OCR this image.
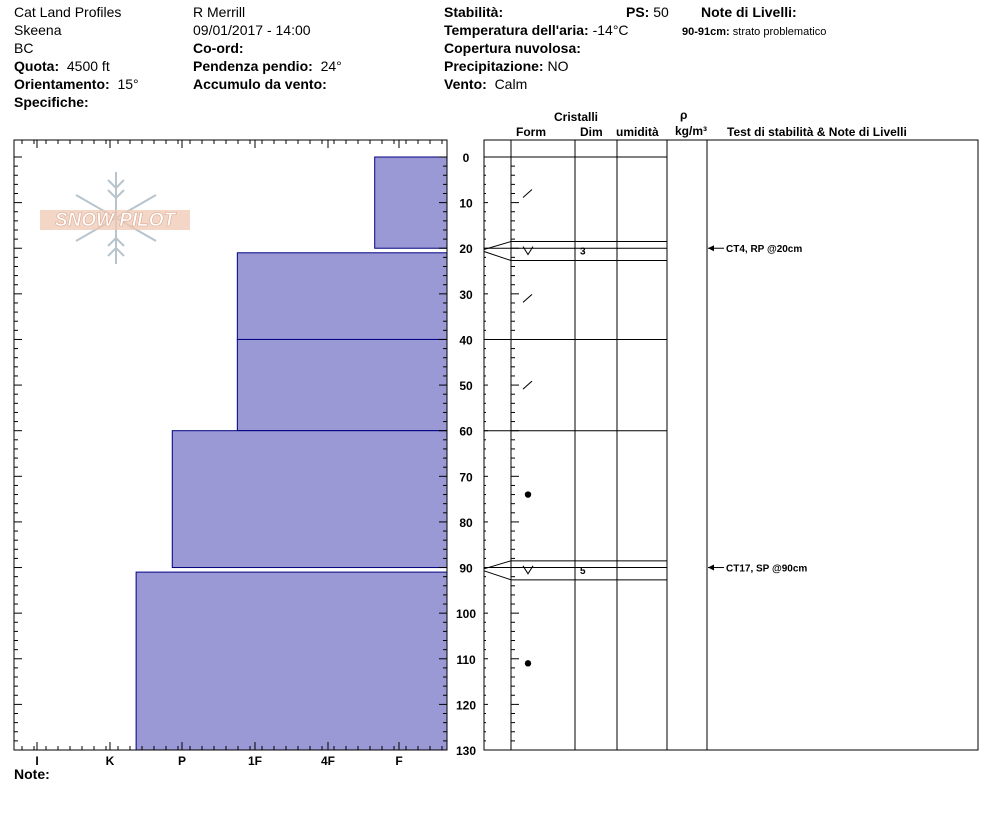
Cat Land Profiles
Skeena
BC
Quota: 4500 ft
Orientamento: 15°
Specifiche:
R Merrill
09/01/2017 - 14:00
Co-ord:
Pendenza pendio: 24°
Accumulo da vento:
Stabilità:	PS: 50
Temperatura dell'aria: -14°C
Copertura nuvolosa:
Precipitazione: NO
Vento: Calm
Note di Livelli:
90-91cm: strato problematico
Cristalli
Form	Dim umidità
ρ
kg/m³ Test di stabilità & Note di Livelli
Note:
SNOW PILOT
0
10
20
30
40
50
60
70
80
90
100
110
120
130
I	K	P	1F	4F	F
3
5
CT4, RP @20cm
CT17, SP @90cm
